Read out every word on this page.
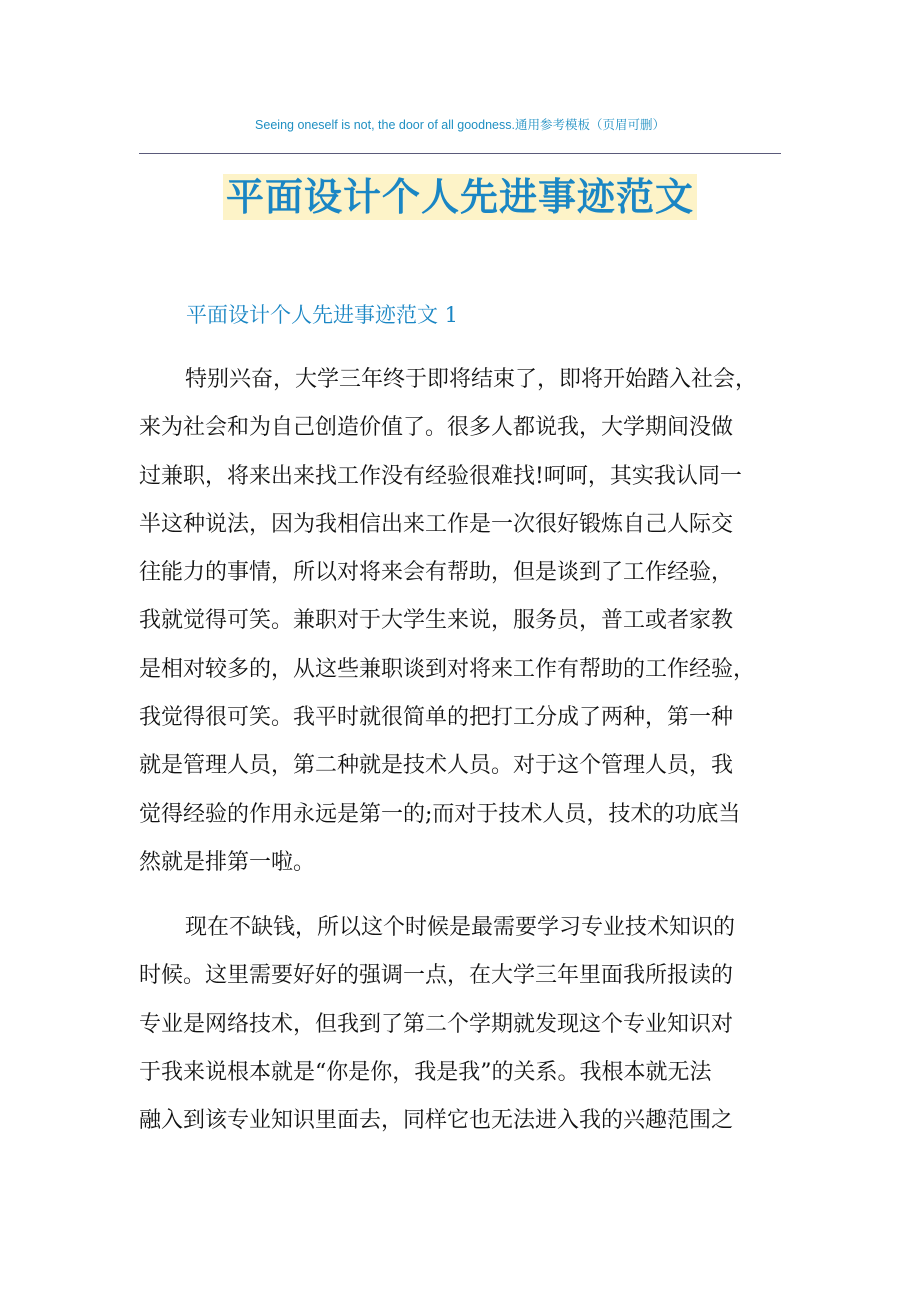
Seeing oneself is not, the door of all goodness.通用参考模板（页眉可删）
平面设计个人先进事迹范文
平面设计个人先进事迹范文 1
特别兴奋，大学三年终于即将结束了，即将开始踏入社会，
来为社会和为自己创造价值了。很多人都说我，大学期间没做
过兼职，将来出来找工作没有经验很难找!呵呵，其实我认同一
半这种说法，因为我相信出来工作是一次很好锻炼自己人际交
往能力的事情，所以对将来会有帮助，但是谈到了工作经验，
我就觉得可笑。兼职对于大学生来说，服务员，普工或者家教
是相对较多的，从这些兼职谈到对将来工作有帮助的工作经验，
我觉得很可笑。我平时就很简单的把打工分成了两种，第一种
就是管理人员，第二种就是技术人员。对于这个管理人员，我
觉得经验的作用永远是第一的;而对于技术人员，技术的功底当
然就是排第一啦。
现在不缺钱，所以这个时候是最需要学习专业技术知识的
时候。这里需要好好的强调一点，在大学三年里面我所报读的
专业是网络技术，但我到了第二个学期就发现这个专业知识对
于我来说根本就是“你是你，我是我”的关系。我根本就无法
融入到该专业知识里面去，同样它也无法进入我的兴趣范围之
